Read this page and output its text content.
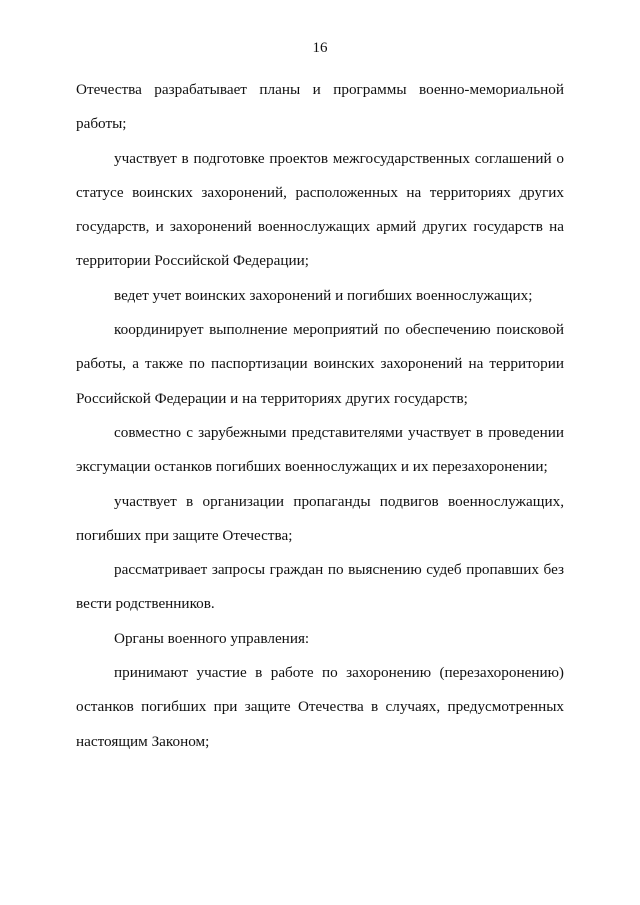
16

Отечества разрабатывает планы и программы военно-мемориальной работы;

участвует в подготовке проектов межгосударственных соглашений о статусе воинских захоронений, расположенных на территориях других государств, и захоронений военнослужащих армий других государств на территории Российской Федерации;

ведет учет воинских захоронений и погибших военнослужащих;

координирует выполнение мероприятий по обеспечению поисковой работы, а также по паспортизации воинских захоронений на территории Российской Федерации и на территориях других государств;

совместно с зарубежными представителями участвует в проведении эксгумации останков погибших военнослужащих и их перезахоронении;

участвует в организации пропаганды подвигов военнослужащих, погибших при защите Отечества;

рассматривает запросы граждан по выяснению судеб пропавших без вести родственников.

Органы военного управления:

принимают участие в работе по захоронению (перезахоронению) останков погибших при защите Отечества в случаях, предусмотренных настоящим Законом;
